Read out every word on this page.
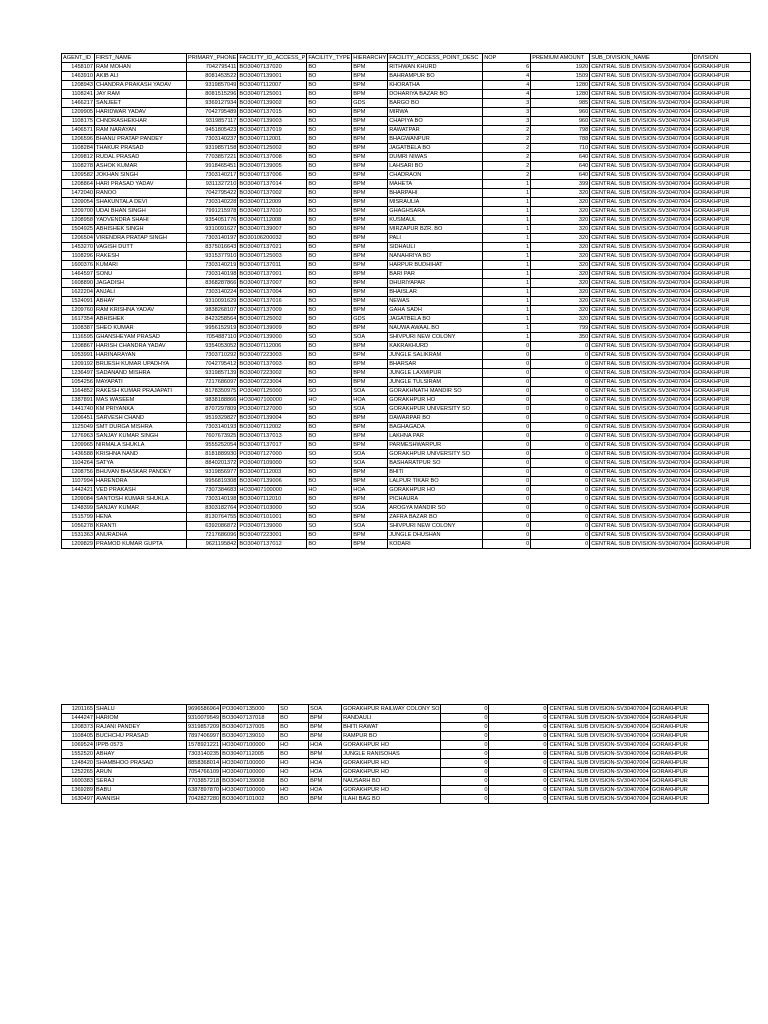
AGENT_ID	FIRST_NAME	PRIMARY_PHONE	FACILITY_ID_ACCESS_P	FACILITY_TYPE	HIERARCHY	FACILITY_ACCESS_POINT_DESC	NOP	PREMIUM AMOUNT	SUB_DIVISION_NAME	DIVISION
1458107	RAM MOHAN	7042795411	BO30407137020	BO	BPM	RITHWAN KHURD	6	1920	CENTRAL SUB DIVISION-SV30407004	GORAKHPUR
1463910	AKIB ALI	8081453522	BO30407139001	BO	BPM	BAHRAMPUR BO	4	1509	CENTRAL SUB DIVISION-SV30407004	GORAKHPUR
1208943	CHANDRA PRAKASH YADAV	9319857049	BO30407112007	BO	BPM	KHORATHA	4	1280	CENTRAL SUB DIVISION-SV30407004	GORAKHPUR
1108241	JAY RAM	8081515296	BO30407125001	BO	BPM	DOHARIYA BAZAR BO	4	1280	CENTRAL SUB DIVISION-SV30407004	GORAKHPUR
1466217	SANJEET	9369127934	BO30407139002	BO	GDS	BARGO BO	3	985	CENTRAL SUB DIVISION-SV30407004	GORAKHPUR
1209905	HARIDWAR YADAV	7042795489	BO30407137015	BO	BPM	MIRWA	3	960	CENTRAL SUB DIVISION-SV30407004	GORAKHPUR
1108175	CHNDRASHEKHAR	9319857117	BO30407139003	BO	BPM	CHAPIYA BO	3	960	CENTRAL SUB DIVISION-SV30407004	GORAKHPUR
1406571	RAM NARAYAN	9451805423	BO30407137019	BO	BPM	RAWATPAR	2	798	CENTRAL SUB DIVISION-SV30407004	GORAKHPUR
1206596	BHANU PRATAP PANDEY	7303140237	BO30407112001	BO	BPM	BHAGWANPUR	2	788	CENTRAL SUB DIVISION-SV30407004	GORAKHPUR
1108284	THAKUR PRASAD	9319857158	BO30407125002	BO	BPM	JAGATBELA BO	2	710	CENTRAL SUB DIVISION-SV30407004	GORAKHPUR
1209812	RUDAL PRASAD	7703857221	BO30407137008	BO	BPM	DUMRI NIWAS	2	640	CENTRAL SUB DIVISION-SV30407004	GORAKHPUR
1108278	ASHOK KUMAR	9918465451	BO30407139005	BO	BPM	LAHSARI BO	2	640	CENTRAL SUB DIVISION-SV30407004	GORAKHPUR
1209582	JOKHAN SINGH	7303140217	BO30407137006	BO	BPM	CHADRAON	2	640	CENTRAL SUB DIVISION-SV30407004	GORAKHPUR
1208864	HARI PRASAD YADAV	9311327210	BO30407137014	BO	BPM	MAHETA	1	399	CENTRAL SUB DIVISION-SV30407004	GORAKHPUR
1472040	RANOO	7042795422	BO30407137002	BO	BPM	BHARPAHI	1	320	CENTRAL SUB DIVISION-SV30407004	GORAKHPUR
1209054	SHAKUNTALA DEVI	7303140228	BO30407112009	BO	BPM	MISRAULIA	1	320	CENTRAL SUB DIVISION-SV30407004	GORAKHPUR
1209700	UDAI BHAN SINGH	7991215978	BO30407137010	BO	BPM	GHAGHSARA	1	320	CENTRAL SUB DIVISION-SV30407004	GORAKHPUR
1208958	YADVENDRA SHAHI	9354051776	BO30407112008	BO	BPM	KUSMAUL	1	320	CENTRAL SUB DIVISION-SV30407004	GORAKHPUR
1504925	ABHISHEK SINGH	9310091627	BO30407139007	BO	BPM	MIRZAPUR BZR. BO	1	320	CENTRAL SUB DIVISION-SV30407004	GORAKHPUR
1206504	VIRENDRA PRATAP SINGH	7303140197	BO30106200032	BO	BPM	PALI	1	320	CENTRAL SUB DIVISION-SV30407004	GORAKHPUR
1453270	VAGISH DUTT	8375016643	BO30407137021	BO	BPM	SIDHAULI	1	320	CENTRAL SUB DIVISION-SV30407004	GORAKHPUR
1108296	RAKESH	9315377910	BO30407125003	BO	BPM	NANAHRIYA BO	1	320	CENTRAL SUB DIVISION-SV30407004	GORAKHPUR
1600376	KUMARI	7303140219	BO30407137011	BO	BPM	HARPUR BUDHIHAT	1	320	CENTRAL SUB DIVISION-SV30407004	GORAKHPUR
1464597	SONU	7303140198	BO30407137001	BO	BPM	BARI PAR	1	320	CENTRAL SUB DIVISION-SV30407004	GORAKHPUR
1608890	JAGADISH	8368287866	BO30407137007	BO	BPM	DHURIYAPAR	1	320	CENTRAL SUB DIVISION-SV30407004	GORAKHPUR
1622204	ANJALI	7303140224	BO30407137004	BO	BPM	BHAISLAR	1	320	CENTRAL SUB DIVISION-SV30407004	GORAKHPUR
1524091	ABHAY	9310091629	BO30407137016	BO	BPM	NEWAS	1	320	CENTRAL SUB DIVISION-SV30407004	GORAKHPUR
1209760	RAM KRISHNA YADAV	9838268107	BO30407137009	BO	BPM	GAHA SADH	1	320	CENTRAL SUB DIVISION-SV30407004	GORAKHPUR
1617354	ABHISHEK	8423258564	BO30407125002	BO	GDS	JAGATBELA BO	1	320	CENTRAL SUB DIVISION-SV30407004	GORAKHPUR
1108387	SHEO KUMAR	9956152919	BO30407139009	BO	BPM	NAUWA AWAAL BO	1	799	CENTRAL SUB DIVISION-SV30407004	GORAKHPUR
1116595	GHANSHEYAM PRASAD	7054887110	PO30407139000	SO	SOA	SHIVPURI NEW COLONY	1	350	CENTRAL SUB DIVISION-SV30407004	GORAKHPUR
1208867	HARISH CHANDRA YADAV	9354053052	BO30407112006	BO	BPM	KAKRAKHURD	0	0	CENTRAL SUB DIVISION-SV30407004	GORAKHPUR
1053991	HARINARAYAN	7303710292	BO30407223003	BO	BPM	JUNGLE SALIKRAM	0	0	CENTRAL SUB DIVISION-SV30407004	GORAKHPUR
1209192	BRIJESH KUMAR UPADHYA	7042795412	BO30407137003	BO	BPM	BHARSAR	0	0	CENTRAL SUB DIVISION-SV30407004	GORAKHPUR
1236497	SADANAND MISHRA	9319857139	BO30407223002	BO	BPM	JUNGLE LAXMIPUR	0	0	CENTRAL SUB DIVISION-SV30407004	GORAKHPUR
1054256	MAYAPATI	7217686097	BO30407223004	BO	BPM	JUNGLE TULSIRAM	0	0	CENTRAL SUB DIVISION-SV30407004	GORAKHPUR
1164852	RAKESH KUMAR PRAJAPATI	8178350975	PO30407125000	SO	SOA	GORAKHNATH MANDIR SO	0	0	CENTRAL SUB DIVISION-SV30407004	GORAKHPUR
1387891	MAS WASEEM	9838188866	HO30407100000	HO	HOA	GORAKHPUR HO	0	0	CENTRAL SUB DIVISION-SV30407004	GORAKHPUR
1441740	KM PRIYANKA	8707297809	PO30407127000	SO	SOA	GORAKHPUR UNIVERSITY SO	0	0	CENTRAL SUB DIVISION-SV30407004	GORAKHPUR
1206451	SARVESH CHAND	9519329827	BO30407139004	BO	BPM	DAWARPAR BO	0	0	CENTRAL SUB DIVISION-SV30407004	GORAKHPUR
1125049	SMT DURGA MISHRA	7303140193	BO30407112002	BO	BPM	BAGHAGADA	0	0	CENTRAL SUB DIVISION-SV30407004	GORAKHPUR
1276963	SANJAY KUMAR SINGH	7607673925	BO30407137013	BO	BPM	LAKHNA PAR	0	0	CENTRAL SUB DIVISION-SV30407004	GORAKHPUR
1209965	NIRMALA SHUKLA	9555252054	BO30407137017	BO	BPM	PARMESHWARPUR	0	0	CENTRAL SUB DIVISION-SV30407004	GORAKHPUR
1436588	KRISHNA NAND	8181889930	PO30407127000	SO	SOA	GORAKHPUR UNIVERSITY SO	0	0	CENTRAL SUB DIVISION-SV30407004	GORAKHPUR
1104264	SATYA	8840201372	PO30407109000	SO	SOA	BASHARATPUR SO	0	0	CENTRAL SUB DIVISION-SV30407004	GORAKHPUR
1208756	BHUVAN BHASKAR PANDEY	9319856977	BO30407112003	BO	BPM	BHITI	0	0	CENTRAL SUB DIVISION-SV30407004	GORAKHPUR
1107994	HARENDRA	9956819308	BO30407139006	BO	BPM	LALPUR TIKAR BO	0	0	CENTRAL SUB DIVISION-SV30407004	GORAKHPUR
1442421	VED PRAKASH	7307384683	HO30407100000	HO	HOA	GORAKHPUR HO	0	0	CENTRAL SUB DIVISION-SV30407004	GORAKHPUR
1209084	SANTOSH KUMAR SHUKLA	7303140198	BO30407112010	BO	BPM	PICHAURA	0	0	CENTRAL SUB DIVISION-SV30407004	GORAKHPUR
1248399	SANJAY KUMAR	8303182764	PO30407103000	SO	SOA	AROGYA MANDIR SO	0	0	CENTRAL SUB DIVISION-SV30407004	GORAKHPUR
1515799	HENA	8130764755	BO30407101001	BO	BPM	ZAFRA BAZAR BO	0	0	CENTRAL SUB DIVISION-SV30407004	GORAKHPUR
1056278	KRANTI	6392086872	PO30407139000	SO	SOA	SHIVPURI NEW COLONY	0	0	CENTRAL SUB DIVISION-SV30407004	GORAKHPUR
1531363	ANURADHA	7217686096	BO30407223001	BO	BPM	JUNGLE DHUSHAN	0	0	CENTRAL SUB DIVISION-SV30407004	GORAKHPUR
1209829	PRAMOD KUMAR GUPTA	9621195842	BO30407137012	BO	BPM	KODARI	0	0	CENTRAL SUB DIVISION-SV30407004	GORAKHPUR
1201165	SHALU	9696586964	PO30407135000	SO	SOA	GORAKHPUR RAILWAY COLONY SO	0	0	CENTRAL SUB DIVISION-SV30407004	GORAKHPUR
1444247	HARIOM	9310079549	BO30407137018	BO	BPM	RANDAULI	0	0	CENTRAL SUB DIVISION-SV30407004	GORAKHPUR
1208373	RAJANI PANDEY	9319857209	BO30407137005	BO	BPM	BHITI RAWAT	0	0	CENTRAL SUB DIVISION-SV30407004	GORAKHPUR
1108405	BUCHCHU PRASAD	7897406997	BO30407139010	BO	BPM	RAMPUR BO	0	0	CENTRAL SUB DIVISION-SV30407004	GORAKHPUR
1069524	IPPB 0573	1578921221	HO30407100000	HO	HOA	GORAKHPUR HO	0	0	CENTRAL SUB DIVISION-SV30407004	GORAKHPUR
1552520	ABHAY	7303140235	BO30407112005	BO	BPM	JUNGLE RANISOHAS	0	0	CENTRAL SUB DIVISION-SV30407004	GORAKHPUR
1248420	SHAMBHOO PRASAD	8858368014	HO30407100000	HO	HOA	GORAKHPUR HO	0	0	CENTRAL SUB DIVISION-SV30407004	GORAKHPUR
1252265	ARUN	7054766109	HO30407100000	HO	HOA	GORAKHPUR HO	0	0	CENTRAL SUB DIVISION-SV30407004	GORAKHPUR
1600383	SERAJ	7703857218	BO30407139008	BO	BPM	NAUSARH BO	0	0	CENTRAL SUB DIVISION-SV30407004	GORAKHPUR
1369289	BABU	6387897870	HO30407100000	HO	HOA	GORAKHPUR HO	0	0	CENTRAL SUB DIVISION-SV30407004	GORAKHPUR
1630497	AVANISH	7042827280	BO30407101002	BO	BPM	ILAHI BAG BO	0	0	CENTRAL SUB DIVISION-SV30407004	GORAKHPUR
